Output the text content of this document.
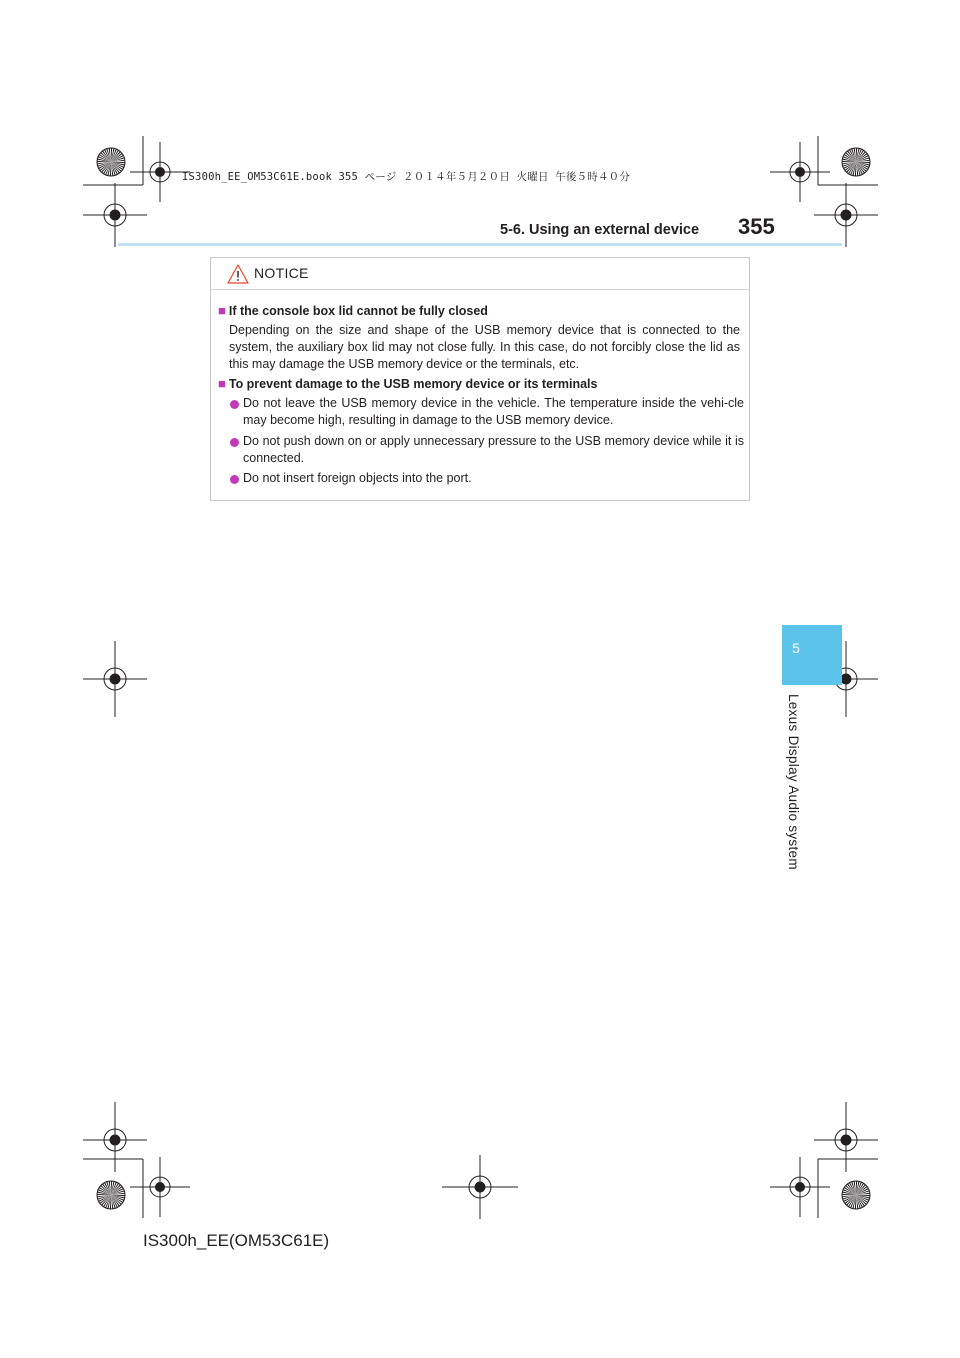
IS300h_EE_OM53C61E.book 355 ページ ２０１４年５月２０日 火曜日 午後５時４０分
5-6. Using an external device 355
NOTICE
■ If the console box lid cannot be fully closed
Depending on the size and shape of the USB memory device that is connected to the system, the auxiliary box lid may not close fully. In this case, do not forcibly close the lid as this may damage the USB memory device or the terminals, etc.
■ To prevent damage to the USB memory device or its terminals
Do not leave the USB memory device in the vehicle. The temperature inside the vehi-cle may become high, resulting in damage to the USB memory device.
Do not push down on or apply unnecessary pressure to the USB memory device while it is connected.
Do not insert foreign objects into the port.
5
Lexus Display Audio system
IS300h_EE(OM53C61E)
